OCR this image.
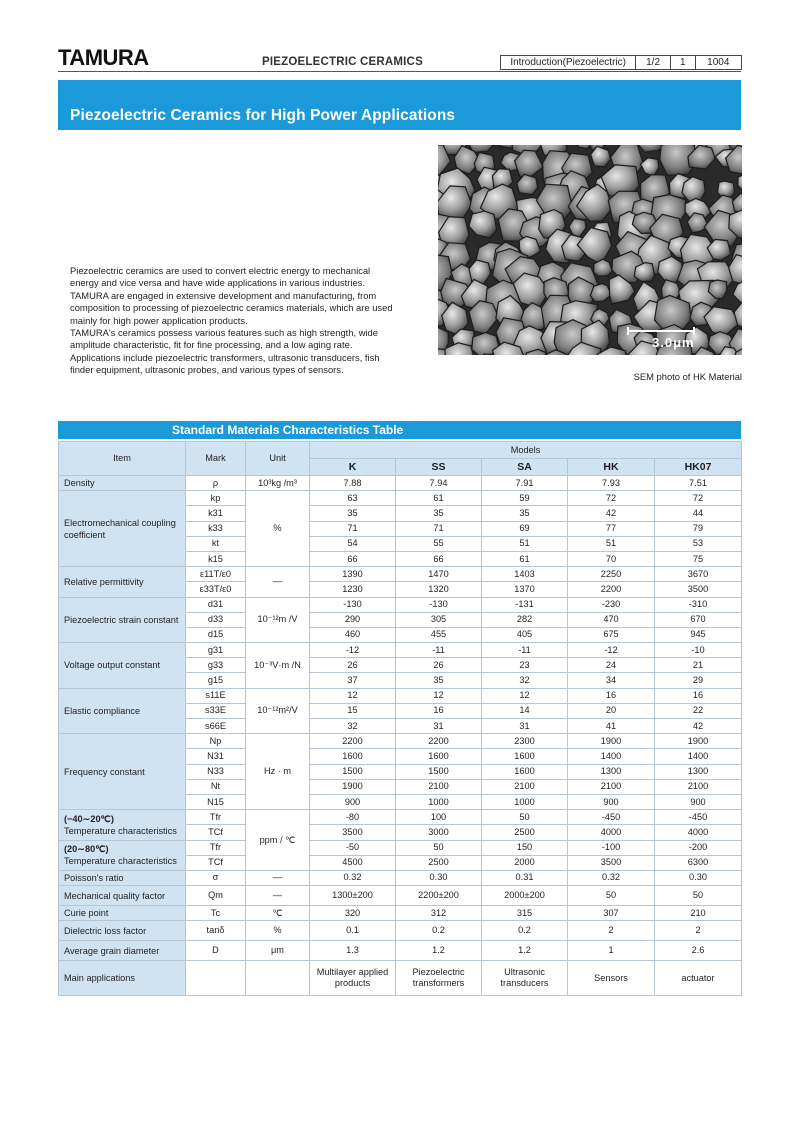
TAMURA	PIEZOELECTRIC CERAMICS	Introduction(Piezoelectric)	1/2	1	1004
Piezoelectric Ceramics for High Power Applications

Piezoelectric ceramics are used to convert electric energy to mechanical energy and vice versa and have wide applications in various industries.

TAMURA are engaged in extensive development and manufacturing, from composition to processing of piezoelectric ceramics materials, which are used mainly for high power application products.

TAMURA's ceramics possess various features such as high strength, wide amplitude characteristic, fit for fine processing, and a low aging rate.

Applications include piezoelectric transformers, ultrasonic transducers, fish finder equipment, ultrasonic probes, and various types of sensors.

3.0μm
SEM photo of HK Material
Standard Materials Characteristics Table
Item	Mark	Unit	Models				
			K	SS	SA	HK	HK07
Density	ρ	10³kg /m³	7.88	7.94	7.91	7.93	7.51
Electromechanical coupling coefficient	kp	%	63	61	59	72	72
	k31		35	35	35	42	44
	k33		71	71	69	77	79
	kt		54	55	51	51	53
	k15		66	66	61	70	75
Relative permittivity	ε11T/ε0	—	1390	1470	1403	2250	3670
	ε33T/ε0		1230	1320	1370	2200	3500
Piezoelectric strain constant	d31	10⁻¹²m /V	-130	-130	-131	-230	-310
	d33		290	305	282	470	670
	d15		460	455	405	675	945
Voltage output constant	g31	10⁻³V·m /N	-12	-11	-11	-12	-10
	g33		26	26	23	24	21
	g15		37	35	32	34	29
Elastic compliance	s11E	10⁻¹²m²/V	12	12	12	16	16
	s33E		15	16	14	20	22
	s66E		32	31	31	41	42
Frequency constant	Np	Hz · m	2200	2200	2300	1900	1900
	N31		1600	1600	1600	1400	1400
	N33		1500	1500	1600	1300	1300
	Nt		1900	2100	2100	2100	2100
	N15		900	1000	1000	900	900
(−40∼20℃)
Temperature characteristics	Tfr	ppm / ℃	-80	100	50	-450	-450
	TCf		3500	3000	2500	4000	4000
(20∼80℃)
Temperature characteristics	Tfr		-50	50	150	-100	-200
	TCf		4500	2500	2000	3500	6300
Poisson's ratio	σ	—	0.32	0.30	0.31	0.32	0.30
Mechanical quality factor	Qm	—	1300±200	2200±200	2000±200	50	50
Curie point	Tc	℃	320	312	315	307	210
Dielectric loss factor	tanδ	%	0.1	0.2	0.2	2	2
Average grain diameter	D	μm	1.3	1.2	1.2	1	2.6
Main applications			Multilayer applied products	Piezoelectric transformers	Ultrasonic transducers	Sensors	actuator
